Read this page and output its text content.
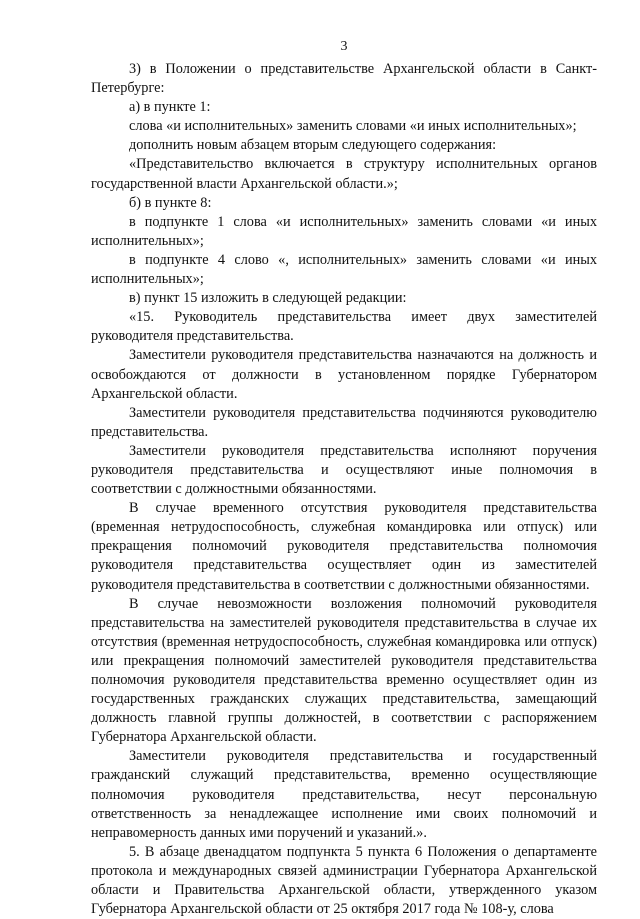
3

3) в Положении о представительстве Архангельской области в Санкт-Петербурге:

а) в пункте 1:

слова «и исполнительных» заменить словами «и иных исполнительных»;

дополнить новым абзацем вторым следующего содержания:

«Представительство включается в структуру исполнительных органов государственной власти Архангельской области.»;

б) в пункте 8:

в подпункте 1 слова «и исполнительных» заменить словами «и иных исполнительных»;

в подпункте 4 слово «, исполнительных» заменить словами «и иных исполнительных»;

в) пункт 15 изложить в следующей редакции:

«15. Руководитель представительства имеет двух заместителей руководителя представительства.

Заместители руководителя представительства назначаются на должность и освобождаются от должности в установленном порядке Губернатором Архангельской области.

Заместители руководителя представительства подчиняются руководителю представительства.

Заместители руководителя представительства исполняют поручения руководителя представительства и осуществляют иные полномочия в соответствии с должностными обязанностями.

В случае временного отсутствия руководителя представительства (временная нетрудоспособность, служебная командировка или отпуск) или прекращения полномочий руководителя представительства полномочия руководителя представительства осуществляет один из заместителей руководителя представительства в соответствии с должностными обязанностями.

В случае невозможности возложения полномочий руководителя представительства на заместителей руководителя представительства в случае их отсутствия (временная нетрудоспособность, служебная командировка или отпуск) или прекращения полномочий заместителей руководителя представительства полномочия руководителя представительства временно осуществляет один из государственных гражданских служащих представительства, замещающий должность главной группы должностей, в соответствии с распоряжением Губернатора Архангельской области.

Заместители руководителя представительства и государственный гражданский служащий представительства, временно осуществляющие полномочия руководителя представительства, несут персональную ответственность за ненадлежащее исполнение ими своих полномочий и неправомерность данных ими поручений и указаний.».

5. В абзаце двенадцатом подпункта 5 пункта 6 Положения о департаменте протокола и международных связей администрации Губернатора Архангельской области и Правительства Архангельской области, утвержденного указом Губернатора Архангельской области от 25 октября 2017 года № 108-у, слова
